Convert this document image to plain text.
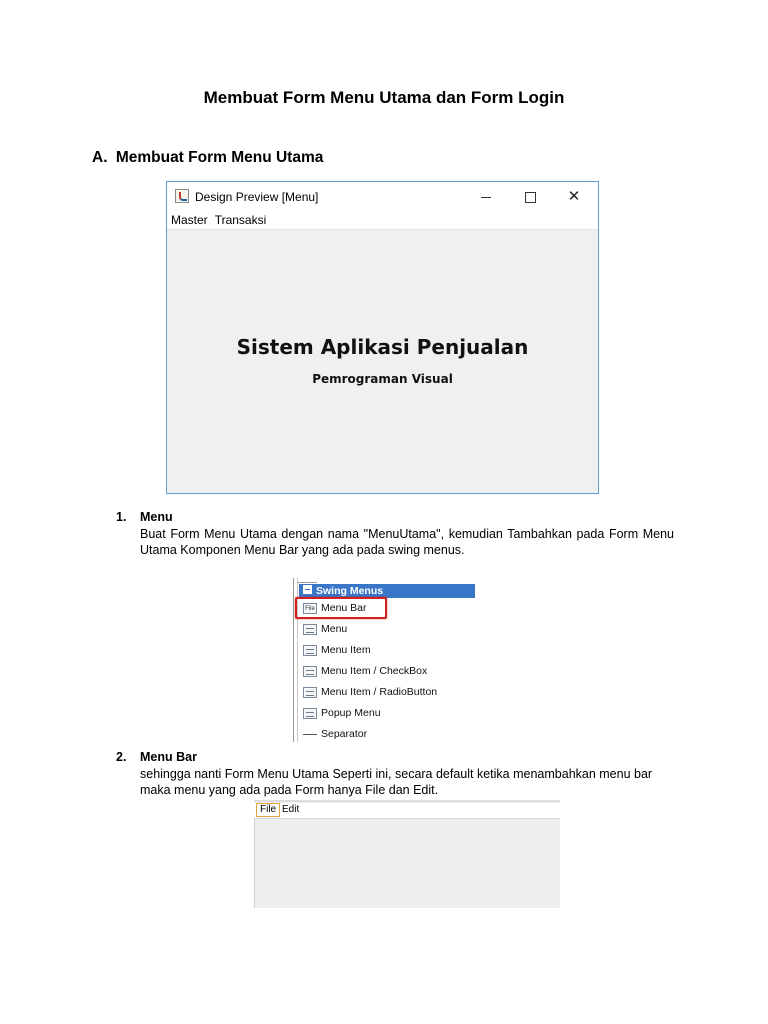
Membuat Form Menu Utama dan Form Login
A. Membuat Form Menu Utama
Design Preview [Menu]	✕
Master Transaksi
Sistem Aplikasi Penjualan
Pemrograman Visual
1. Menu
Buat Form Menu Utama dengan nama "MenuUtama", kemudian Tambahkan pada Form Menu Utama Komponen Menu Bar yang ada pada swing menus.
Swing Menus
File Menu Bar
Menu
Menu Item
Menu Item / CheckBox
Menu Item / RadioButton
Popup Menu
Separator
2. Menu Bar
sehingga nanti Form Menu Utama Seperti ini, secara default ketika menambahkan menu bar maka menu yang ada pada Form hanya File dan Edit.
File Edit
